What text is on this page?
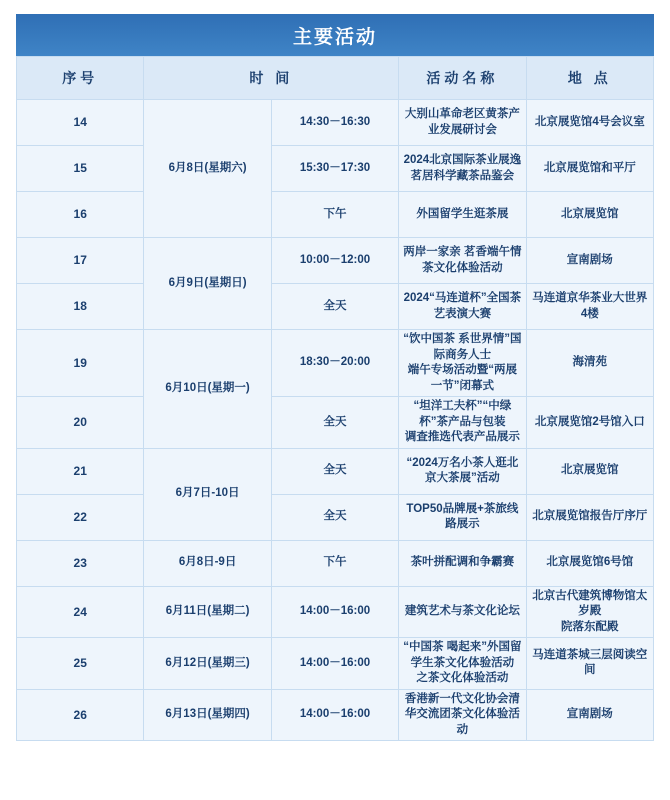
主要活动
序号	时 间		活动名称	地 点
14	6月8日(星期六)	14:30－16:30	大别山革命老区黄茶产业发展研讨会	北京展览馆4号会议室

15		15:30－17:30	2024北京国际茶业展逸茗居科学藏茶品鉴会	北京展览馆和平厅

16		下午	外国留学生逛茶展	北京展览馆

17	6月9日(星期日)	10:00－12:00	两岸一家亲 茗香端午情 茶文化体验活动	宣南剧场

18		全天	2024“马连道杯”全国茶艺表演大赛	马连道京华茶业大世界4楼

19	6月10日(星期一)	18:30－20:00	“饮中国茶 系世界情”国际商务人士
端午专场活动暨“两展一节”闭幕式	海清苑

20		全天	“坦洋工夫杯”“中绿杯”茶产品与包装
调查推选代表产品展示	北京展览馆2号馆入口

21	6月7日-10日	全天	“2024万名小茶人逛北京大茶展”活动	北京展览馆

22		全天	TOP50品牌展+茶旅线路展示	北京展览馆报告厅序厅

23	6月8日-9日	下午	茶叶拼配调和争霸赛	北京展览馆6号馆

24	6月11日(星期二)	14:00－16:00	建筑艺术与茶文化论坛	北京古代建筑博物馆太岁殿
院落东配殿

25	6月12日(星期三)	14:00－16:00	“中国茶 喝起来”外国留学生茶文化体验活动
之茶文化体验活动	马连道茶城三层阅读空间

26	6月13日(星期四)	14:00－16:00	香港新一代文化协会清华交流团茶文化体验活动	宣南剧场
